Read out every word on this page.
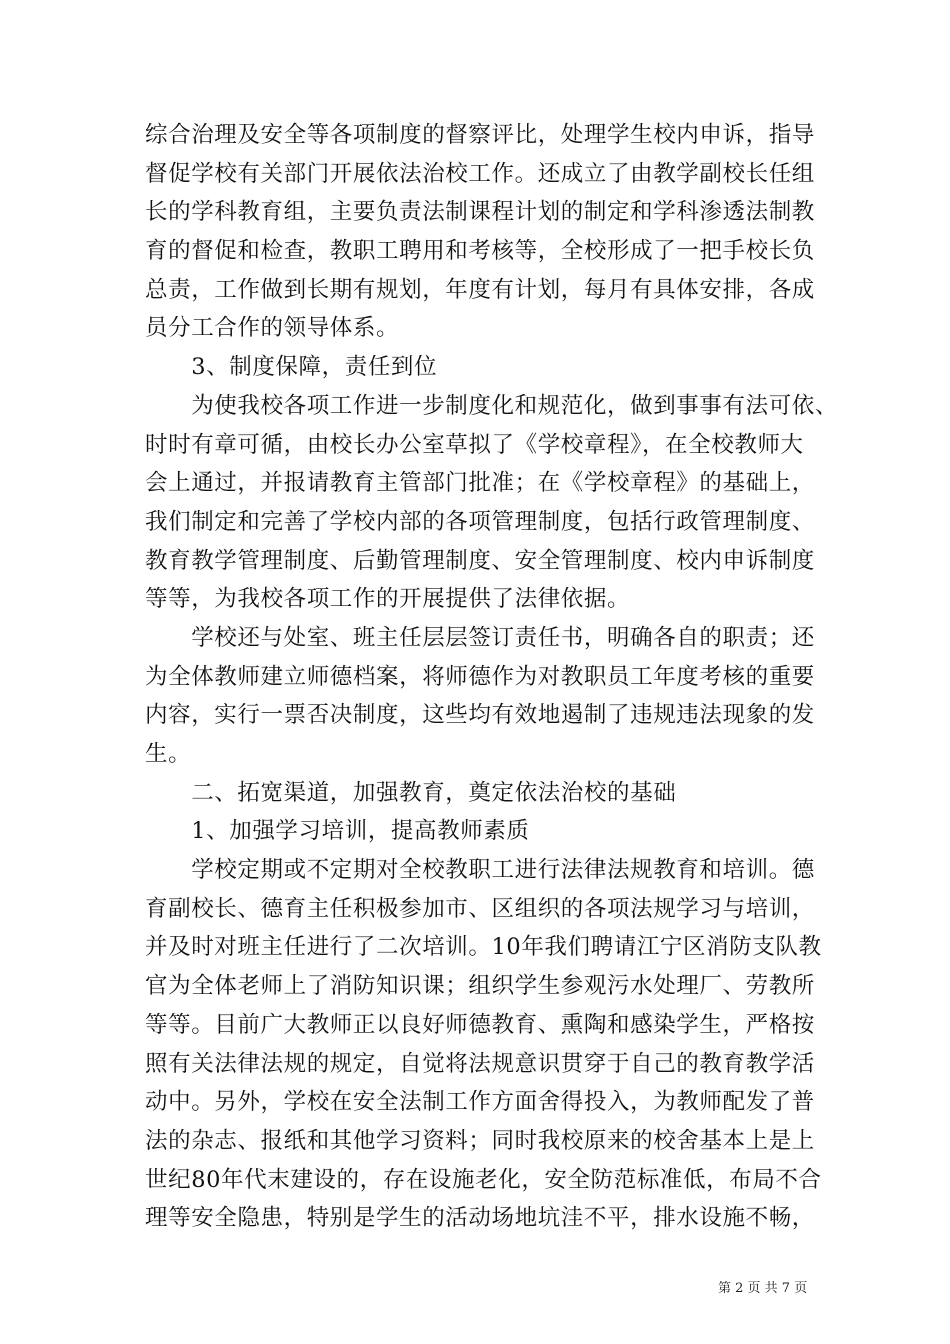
综合治理及安全等各项制度的督察评比，处理学生校内申诉，指导
督促学校有关部门开展依法治校工作。还成立了由教学副校长任组
长的学科教育组，主要负责法制课程计划的制定和学科渗透法制教
育的督促和检查，教职工聘用和考核等，全校形成了一把手校长负
总责，工作做到长期有规划，年度有计划，每月有具体安排，各成
员分工合作的领导体系。
　　3、制度保障，责任到位
　　为使我校各项工作进一步制度化和规范化，做到事事有法可依、
时时有章可循，由校长办公室草拟了《学校章程》，在全校教师大
会上通过，并报请教育主管部门批准；在《学校章程》的基础上，
我们制定和完善了学校内部的各项管理制度，包括行政管理制度、
教育教学管理制度、后勤管理制度、安全管理制度、校内申诉制度
等等，为我校各项工作的开展提供了法律依据。
　　学校还与处室、班主任层层签订责任书，明确各自的职责；还
为全体教师建立师德档案，将师德作为对教职员工年度考核的重要
内容，实行一票否决制度，这些均有效地遏制了违规违法现象的发
生。
　　二、拓宽渠道，加强教育，奠定依法治校的基础
　　1、加强学习培训，提高教师素质
　　学校定期或不定期对全校教职工进行法律法规教育和培训。德
育副校长、德育主任积极参加市、区组织的各项法规学习与培训，
并及时对班主任进行了二次培训。10年我们聘请江宁区消防支队教
官为全体老师上了消防知识课；组织学生参观污水处理厂、劳教所
等等。目前广大教师正以良好师德教育、熏陶和感染学生，严格按
照有关法律法规的规定，自觉将法规意识贯穿于自己的教育教学活
动中。另外，学校在安全法制工作方面舍得投入，为教师配发了普
法的杂志、报纸和其他学习资料；同时我校原来的校舍基本上是上
世纪80年代末建设的，存在设施老化，安全防范标准低，布局不合
理等安全隐患，特别是学生的活动场地坑洼不平，排水设施不畅，
第 2 页 共 7 页
